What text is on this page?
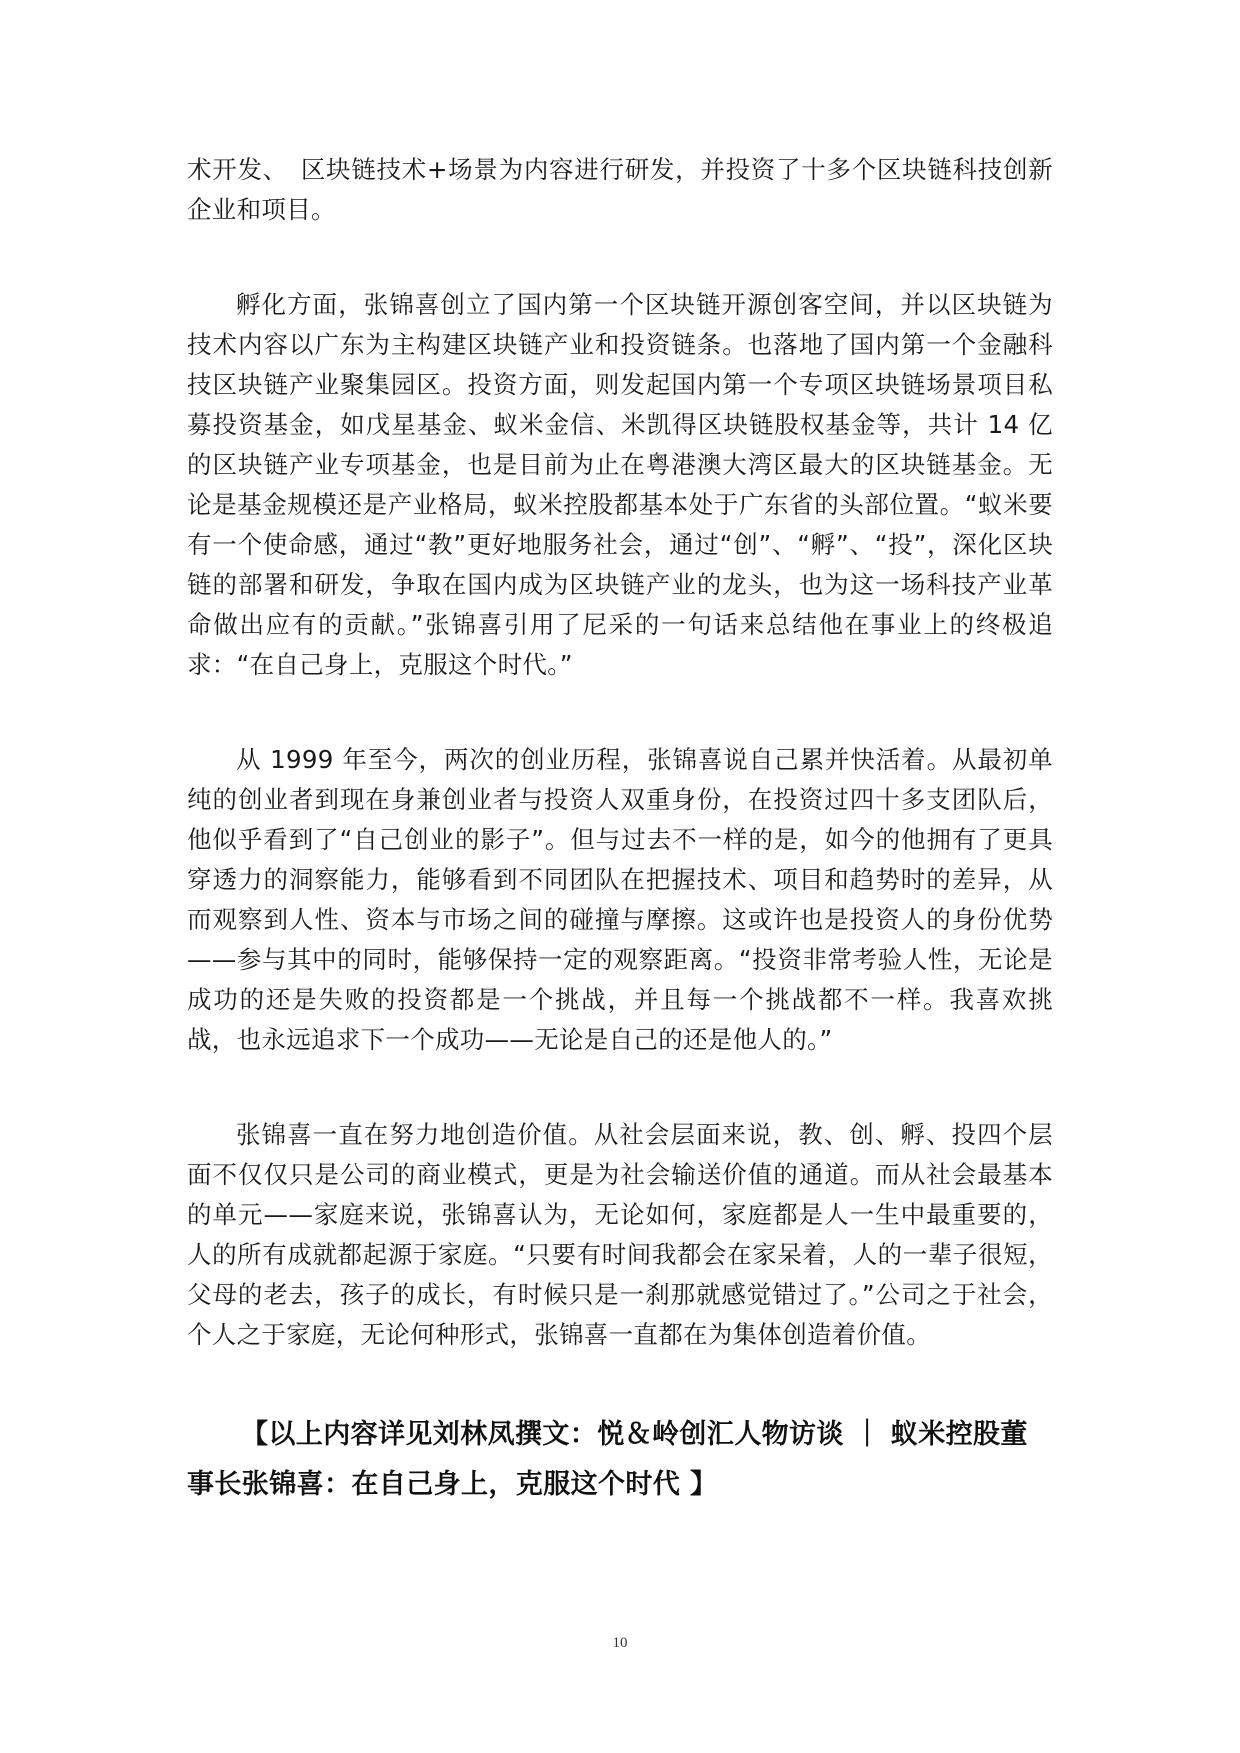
术开发、　区块链技术+场景为内容进行研发，并投资了十多个区块链科技创新企业和项目。

孵化方面，张锦喜创立了国内第一个区块链开源创客空间，并以区块链为技术内容以广东为主构建区块链产业和投资链条。也落地了国内第一个金融科技区块链产业聚集园区。投资方面，则发起国内第一个专项区块链场景项目私募投资基金，如戊星基金、蚁米金信、米凯得区块链股权基金等，共计 14 亿的区块链产业专项基金，也是目前为止在粤港澳大湾区最大的区块链基金。无论是基金规模还是产业格局，蚁米控股都基本处于广东省的头部位置。“蚁米要有一个使命感，通过“教”更好地服务社会，通过“创”、“孵”、“投”，深化区块链的部署和研发，争取在国内成为区块链产业的龙头，也为这一场科技产业革命做出应有的贡献。”张锦喜引用了尼采的一句话来总结他在事业上的终极追求：“在自己身上，克服这个时代。”

从 1999 年至今，两次的创业历程，张锦喜说自己累并快活着。从最初单纯的创业者到现在身兼创业者与投资人双重身份，在投资过四十多支团队后，他似乎看到了“自己创业的影子”。但与过去不一样的是，如今的他拥有了更具穿透力的洞察能力，能够看到不同团队在把握技术、项目和趋势时的差异，从而观察到人性、资本与市场之间的碰撞与摩擦。这或许也是投资人的身份优势——参与其中的同时，能够保持一定的观察距离。“投资非常考验人性，无论是成功的还是失败的投资都是一个挑战，并且每一个挑战都不一样。我喜欢挑战，也永远追求下一个成功——无论是自己的还是他人的。”

张锦喜一直在努力地创造价值。从社会层面来说，教、创、孵、投四个层面不仅仅只是公司的商业模式，更是为社会输送价值的通道。而从社会最基本的单元——家庭来说，张锦喜认为，无论如何，家庭都是人一生中最重要的，人的所有成就都起源于家庭。“只要有时间我都会在家呆着，人的一辈子很短，父母的老去，孩子的成长，有时候只是一刹那就感觉错过了。”公司之于社会，个人之于家庭，无论何种形式，张锦喜一直都在为集体创造着价值。

【以上内容详见刘林凤撰文：悦＆岭创汇人物访谈 ｜ 蚁米控股董事长张锦喜：在自己身上，克服这个时代 】

10
